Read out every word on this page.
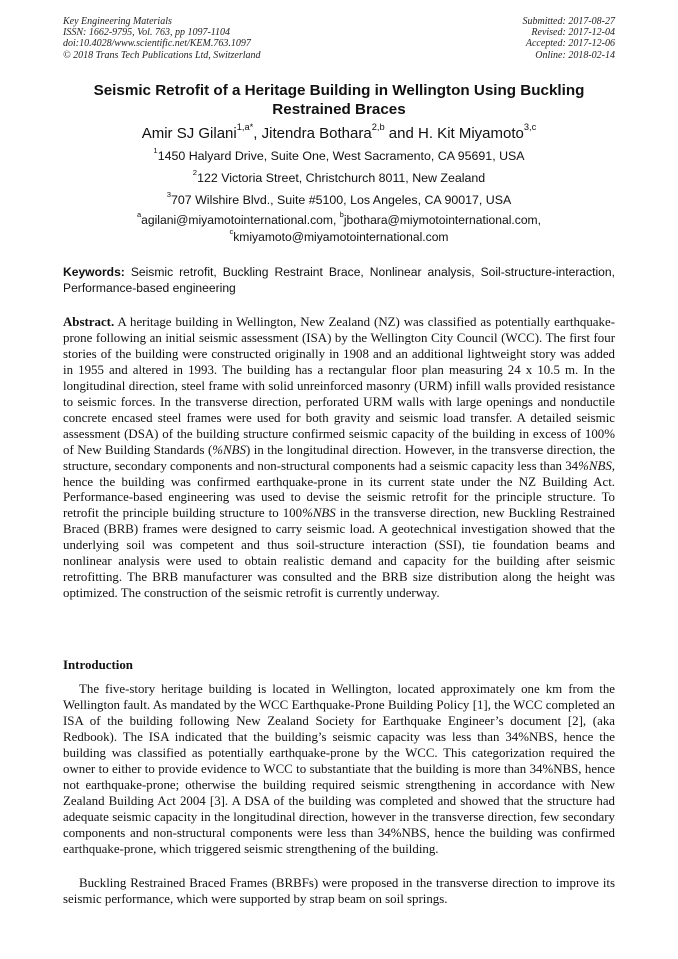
Key Engineering Materials
ISSN: 1662-9795, Vol. 763, pp 1097-1104
doi:10.4028/www.scientific.net/KEM.763.1097
© 2018 Trans Tech Publications Ltd, Switzerland
Submitted: 2017-08-27
Revised: 2017-12-04
Accepted: 2017-12-06
Online: 2018-02-14
Seismic Retrofit of a Heritage Building in Wellington Using Buckling Restrained Braces
Amir SJ Gilani$^{1,a*}$, Jitendra Bothara$^{2,b}$ and H. Kit Miyamoto$^{3,c}$
$^1$1450 Halyard Drive, Suite One, West Sacramento, CA 95691, USA
$^2$122 Victoria Street, Christchurch 8011, New Zealand
$^3$707 Wilshire Blvd., Suite #5100, Los Angeles, CA 90017, USA
$^a$agilani@miyamotointernational.com, $^b$jbothara@miymotointernational.com,
$^c$kmiyamoto@miyamotointernational.com
Keywords: Seismic retrofit, Buckling Restraint Brace, Nonlinear analysis, Soil-structure-interaction, Performance-based engineering
Abstract. A heritage building in Wellington, New Zealand (NZ) was classified as potentially earthquake-prone following an initial seismic assessment (ISA) by the Wellington City Council (WCC). The first four stories of the building were constructed originally in 1908 and an additional lightweight story was added in 1955 and altered in 1993. The building has a rectangular floor plan measuring 24 x 10.5 m. In the longitudinal direction, steel frame with solid unreinforced masonry (URM) infill walls provided resistance to seismic forces. In the transverse direction, perforated URM walls with large openings and nonductile concrete encased steel frames were used for both gravity and seismic load transfer. A detailed seismic assessment (DSA) of the building structure confirmed seismic capacity of the building in excess of 100% of New Building Standards (%NBS) in the longitudinal direction. However, in the transverse direction, the structure, secondary components and non-structural components had a seismic capacity less than 34%NBS, hence the building was confirmed earthquake-prone in its current state under the NZ Building Act. Performance-based engineering was used to devise the seismic retrofit for the principle structure. To retrofit the principle building structure to 100%NBS in the transverse direction, new Buckling Restrained Braced (BRB) frames were designed to carry seismic load. A geotechnical investigation showed that the underlying soil was competent and thus soil-structure interaction (SSI), tie foundation beams and nonlinear analysis were used to obtain realistic demand and capacity for the building after seismic retrofitting. The BRB manufacturer was consulted and the BRB size distribution along the height was optimized. The construction of the seismic retrofit is currently underway.
Introduction
The five-story heritage building is located in Wellington, located approximately one km from the Wellington fault. As mandated by the WCC Earthquake-Prone Building Policy [1], the WCC completed an ISA of the building following New Zealand Society for Earthquake Engineer’s document [2], (aka Redbook). The ISA indicated that the building’s seismic capacity was less than 34%NBS, hence the building was classified as potentially earthquake-prone by the WCC. This categorization required the owner to either to provide evidence to WCC to substantiate that the building is more than 34%NBS, hence not earthquake-prone; otherwise the building required seismic strengthening in accordance with New Zealand Building Act 2004 [3]. A DSA of the building was completed and showed that the structure had adequate seismic capacity in the longitudinal direction, however in the transverse direction, few secondary components and non-structural components were less than 34%NBS, hence the building was confirmed earthquake-prone, which triggered seismic strengthening of the building.
Buckling Restrained Braced Frames (BRBFs) were proposed in the transverse direction to improve its seismic performance, which were supported by strap beam on soil springs.
